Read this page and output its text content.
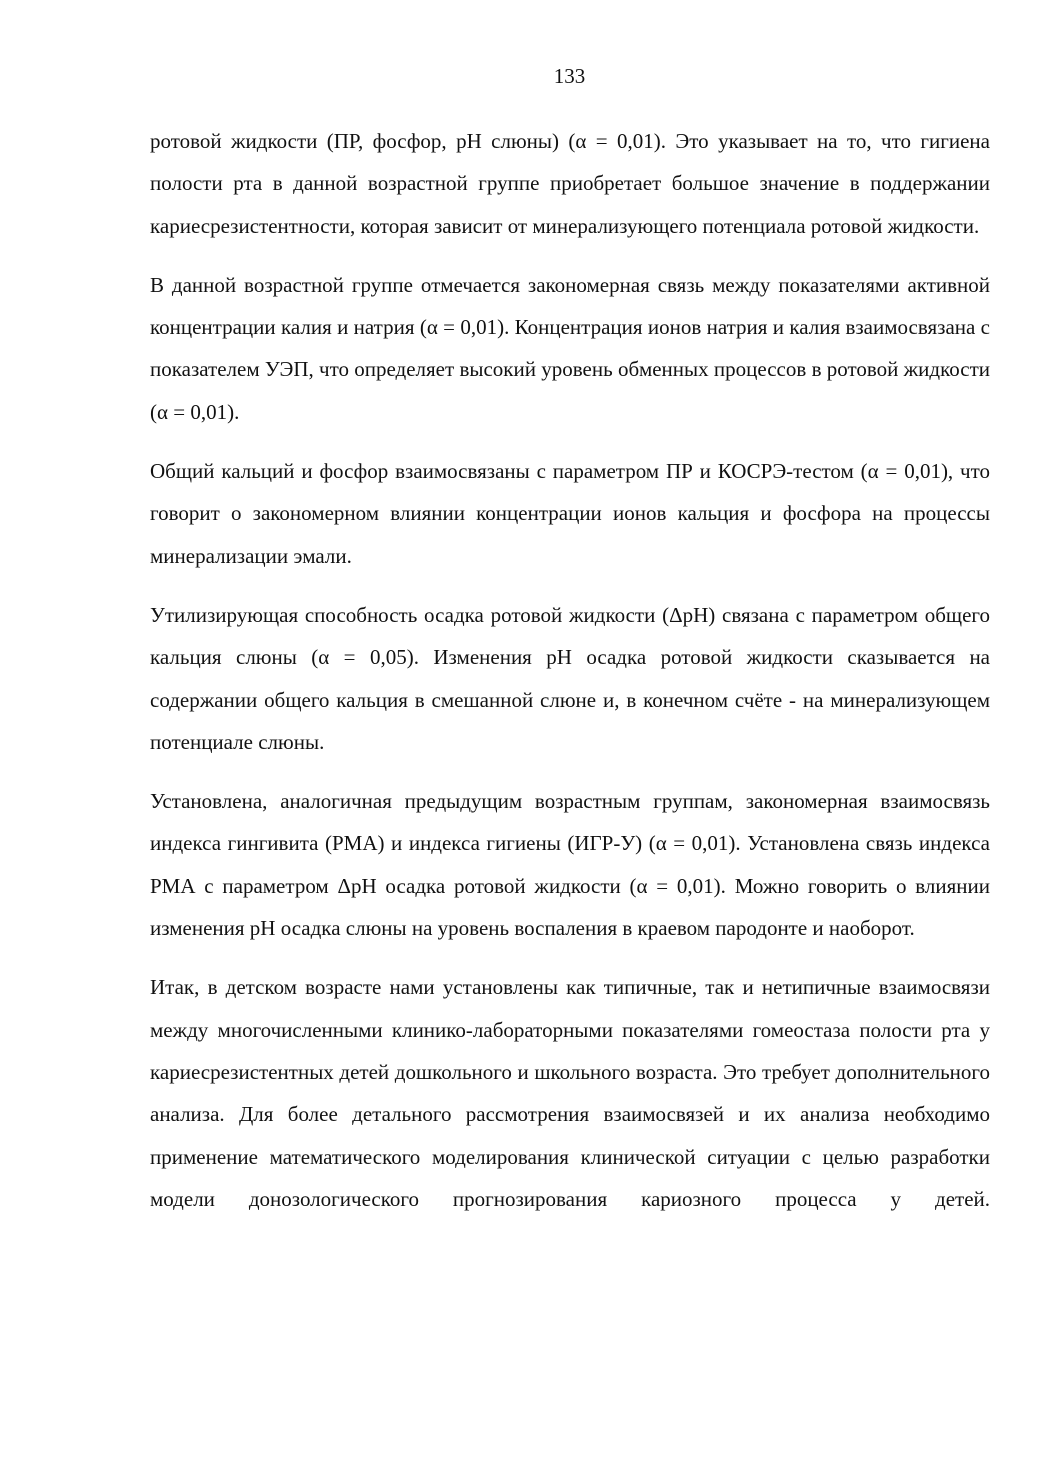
133

ротовой жидкости (ПР, фосфор, pH слюны) (α = 0,01). Это указывает на то, что гигиена полости рта в данной возрастной группе приобретает большое значение в поддержании кариесрезистентности, которая зависит от минерализующего потенциала ротовой жидкости.

В данной возрастной группе отмечается закономерная связь между показателями активной концентрации калия и натрия (α = 0,01). Концентрация ионов натрия и калия взаимосвязана с показателем УЭП, что определяет высокий уровень обменных процессов в ротовой жидкости (α = 0,01).

Общий кальций и фосфор взаимосвязаны с параметром ПР и КОСРЭ-тестом (α = 0,01), что говорит о закономерном влиянии концентрации ионов кальция и фосфора на процессы минерализации эмали.

Утилизирующая способность осадка ротовой жидкости (ΔpH) связана с параметром общего кальция слюны (α = 0,05). Изменения pH осадка ротовой жидкости сказывается на содержании общего кальция в смешанной слюне и, в конечном счёте - на минерализующем потенциале слюны.

Установлена, аналогичная предыдущим возрастным группам, закономерная взаимосвязь индекса гингивита (РМА) и индекса гигиены (ИГР-У) (α = 0,01). Установлена связь индекса РМА с параметром ΔpH осадка ротовой жидкости (α = 0,01). Можно говорить о влиянии изменения pH осадка слюны на уровень воспаления в краевом пародонте и наоборот.

Итак, в детском возрасте нами установлены как типичные, так и нетипичные взаимосвязи между многочисленными клинико-лабораторными показателями гомеостаза полости рта у кариесрезистентных детей дошкольного и школьного возраста. Это требует дополнительного анализа. Для более детального рассмотрения взаимосвязей и их анализа необходимо применение математического моделирования клинической ситуации с целью разработки модели донозологического прогнозирования кариозного процесса у детей.
